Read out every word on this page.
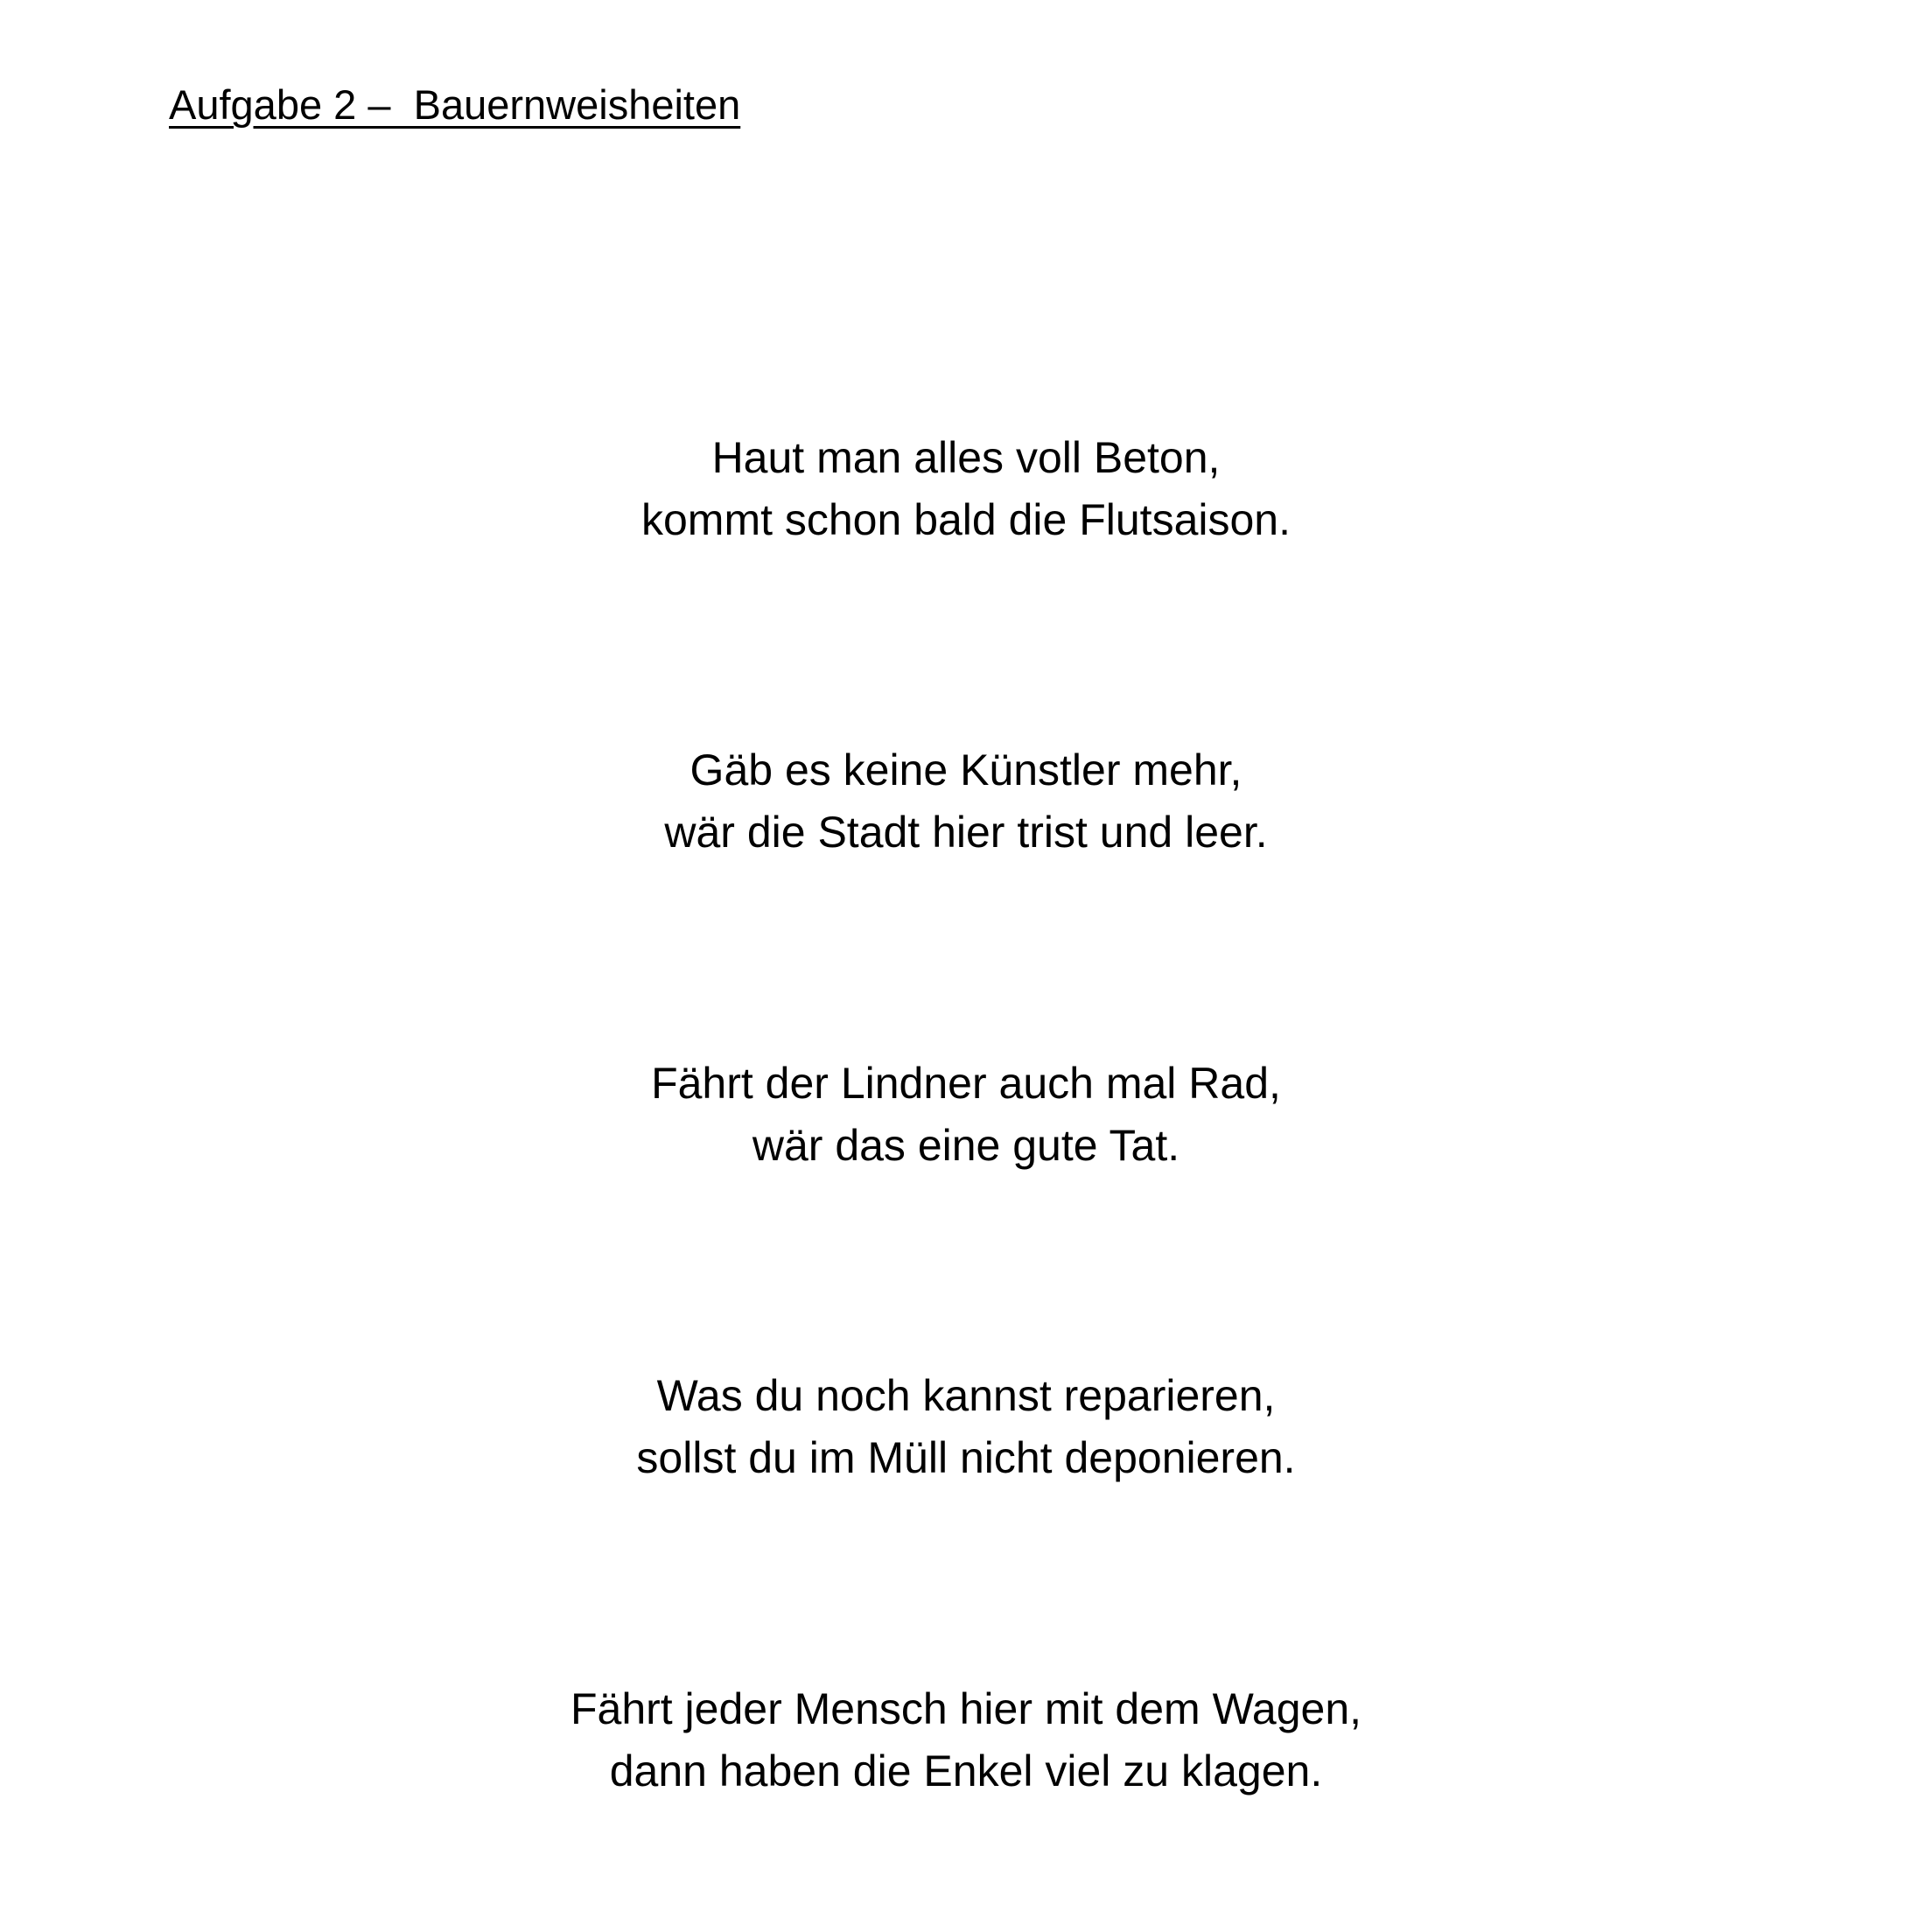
Aufgabe 2 –  Bauernweisheiten
Haut man alles voll Beton,
kommt schon bald die Flutsaison.
Gäb es keine Künstler mehr,
wär die Stadt hier trist und leer.
Fährt der Lindner auch mal Rad,
wär das eine gute Tat.
Was du noch kannst reparieren,
sollst du im Müll nicht deponieren.
Fährt jeder Mensch hier mit dem Wagen,
dann haben die Enkel viel zu klagen.
